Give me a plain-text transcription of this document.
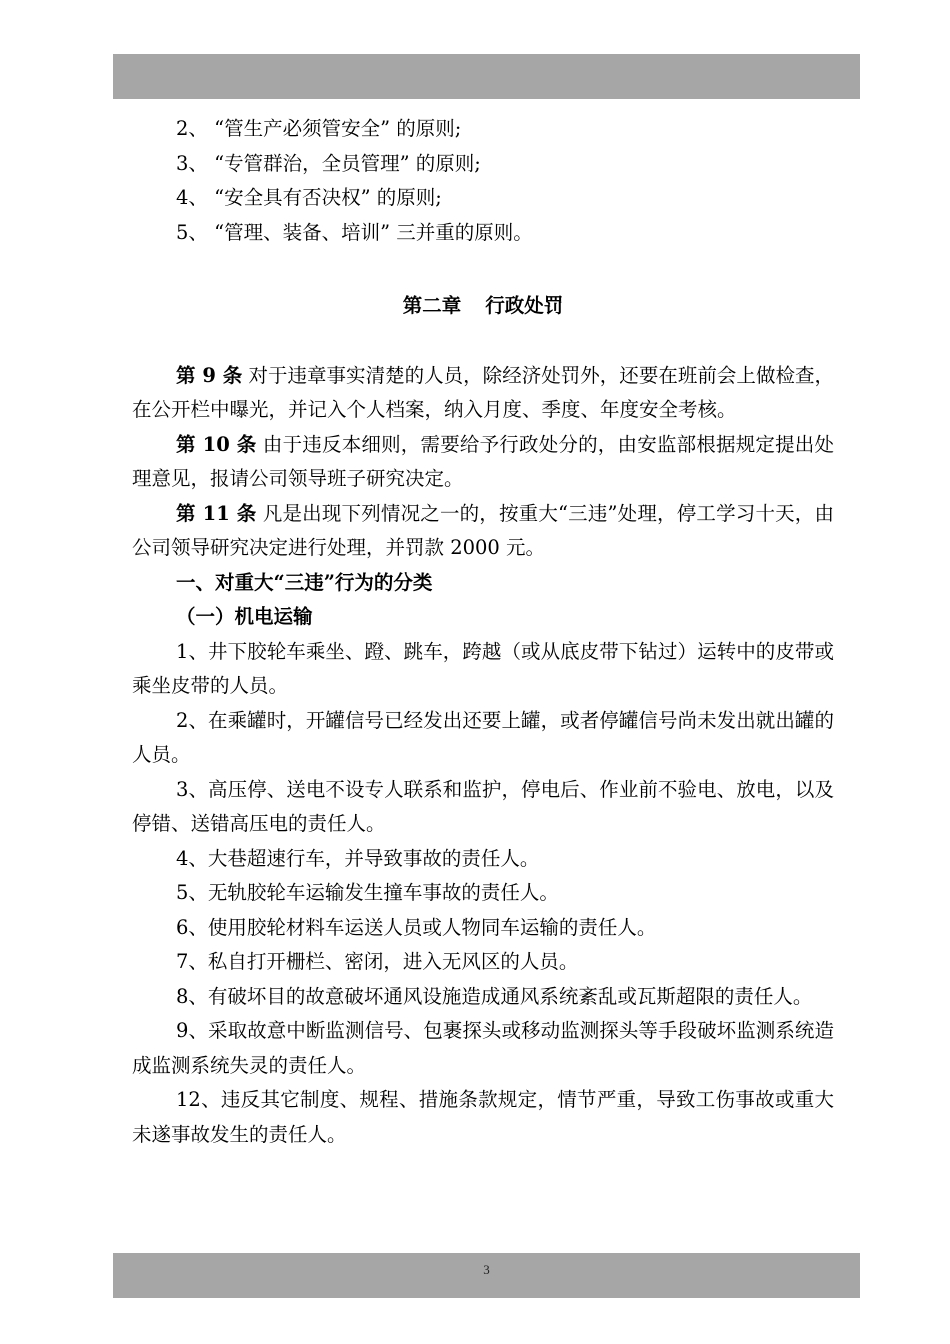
2、 “管生产必须管安全” 的原则;

3、 “专管群治，全员管理” 的原则;

4、 “安全具有否决权” 的原则;

5、 “管理、装备、培训” 三并重的原则。

第二章 行政处罚

第 9 条 对于违章事实清楚的人员，除经济处罚外，还要在班前会上做检查，在公开栏中曝光，并记入个人档案，纳入月度、季度、年度安全考核。

第 10 条 由于违反本细则，需要给予行政处分的，由安监部根据规定提出处理意见，报请公司领导班子研究决定。

第 11 条 凡是出现下列情况之一的，按重大“三违”处理，停工学习十天，由公司领导研究决定进行处理，并罚款 2000 元。

一、对重大“三违”行为的分类

（一）机电运输

1、井下胶轮车乘坐、蹬、跳车，跨越（或从底皮带下钻过）运转中的皮带或乘坐皮带的人员。

2、在乘罐时，开罐信号已经发出还要上罐，或者停罐信号尚未发出就出罐的人员。

3、高压停、送电不设专人联系和监护，停电后、作业前不验电、放电，以及停错、送错高压电的责任人。

4、大巷超速行车，并导致事故的责任人。

5、无轨胶轮车运输发生撞车事故的责任人。

6、使用胶轮材料车运送人员或人物同车运输的责任人。

7、私自打开栅栏、密闭，进入无风区的人员。

8、有破坏目的故意破坏通风设施造成通风系统紊乱或瓦斯超限的责任人。

9、采取故意中断监测信号、包裹探头或移动监测探头等手段破坏监测系统造成监测系统失灵的责任人。

12、违反其它制度、规程、措施条款规定，情节严重，导致工伤事故或重大未遂事故发生的责任人。

3
